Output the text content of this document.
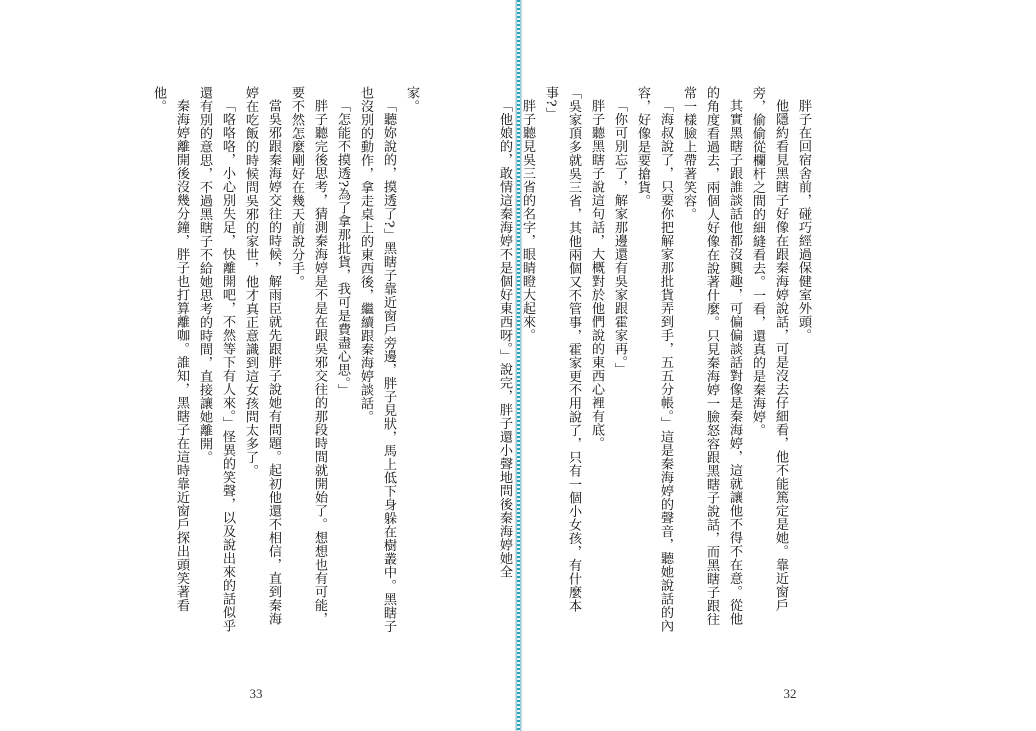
家。

「聽妳說的，摸透了?」黑瞎子靠近窗戶旁邊，胖子見狀，馬上低下身躲在樹叢中。黑瞎子也沒別的動作，拿走桌上的東西後，繼續跟秦海婷談話。

「怎能不摸透?為了拿那批貨，我可是費盡心思。」

胖子聽完後思考，猜測秦海婷是不是在跟吳邪交往的那段時間就開始了。想想也有可能，要不然怎麼剛好在幾天前說分手。

當吳邪跟秦海婷交往的時候，解雨臣就先跟胖子說她有問題。起初他還不相信，直到秦海婷在吃飯的時候問吳邪的家世，他才真正意識到這女孩問太多了。

「咯咯咯，小心別失足，快離開吧，不然等下有人來。」怪異的笑聲，以及說出來的話似乎還有別的意思，不過黑瞎子不給她思考的時間，直接讓她離開。

秦海婷離開後沒幾分鐘，胖子也打算離咖。誰知，黑瞎子在這時靠近窗戶探出頭笑著看他。

33

胖子在回宿舍前，碰巧經過保健室外頭。

他隱約看見黑瞎子好像在跟秦海婷說話，可是沒去仔細看，他不能篤定是她。靠近窗戶旁，偷偷從欄杆之間的細縫看去。一看，還真的是秦海婷。

其實黑瞎子跟誰談話他都沒興趣，可偏偏談話對像是秦海婷，這就讓他不得不在意。從他的角度看過去，兩個人好像在說著什麼。只見秦海婷一臉怒容跟黑瞎子說話，而黑瞎子跟往常一樣臉上帶著笑容。

「海叔說了，只要你把解家那批貨弄到手，五五分帳。」這是秦海婷的聲音，聽她說話的內容，好像是要搶貨。

「你可別忘了，解家那邊還有吳家跟霍家再。」

胖子聽黑瞎子說這句話，大概對於他們說的東西心裡有底。

「吳家頂多就吳三省，其他兩個又不管事，霍家更不用說了，只有一個小女孩，有什麼本事?」

胖子聽見吳三省的名字，眼睛瞪大起來。

「他娘的，敢情這秦海婷不是個好東西呀。」說完，胖子還小聲地問後秦海婷她全

32
